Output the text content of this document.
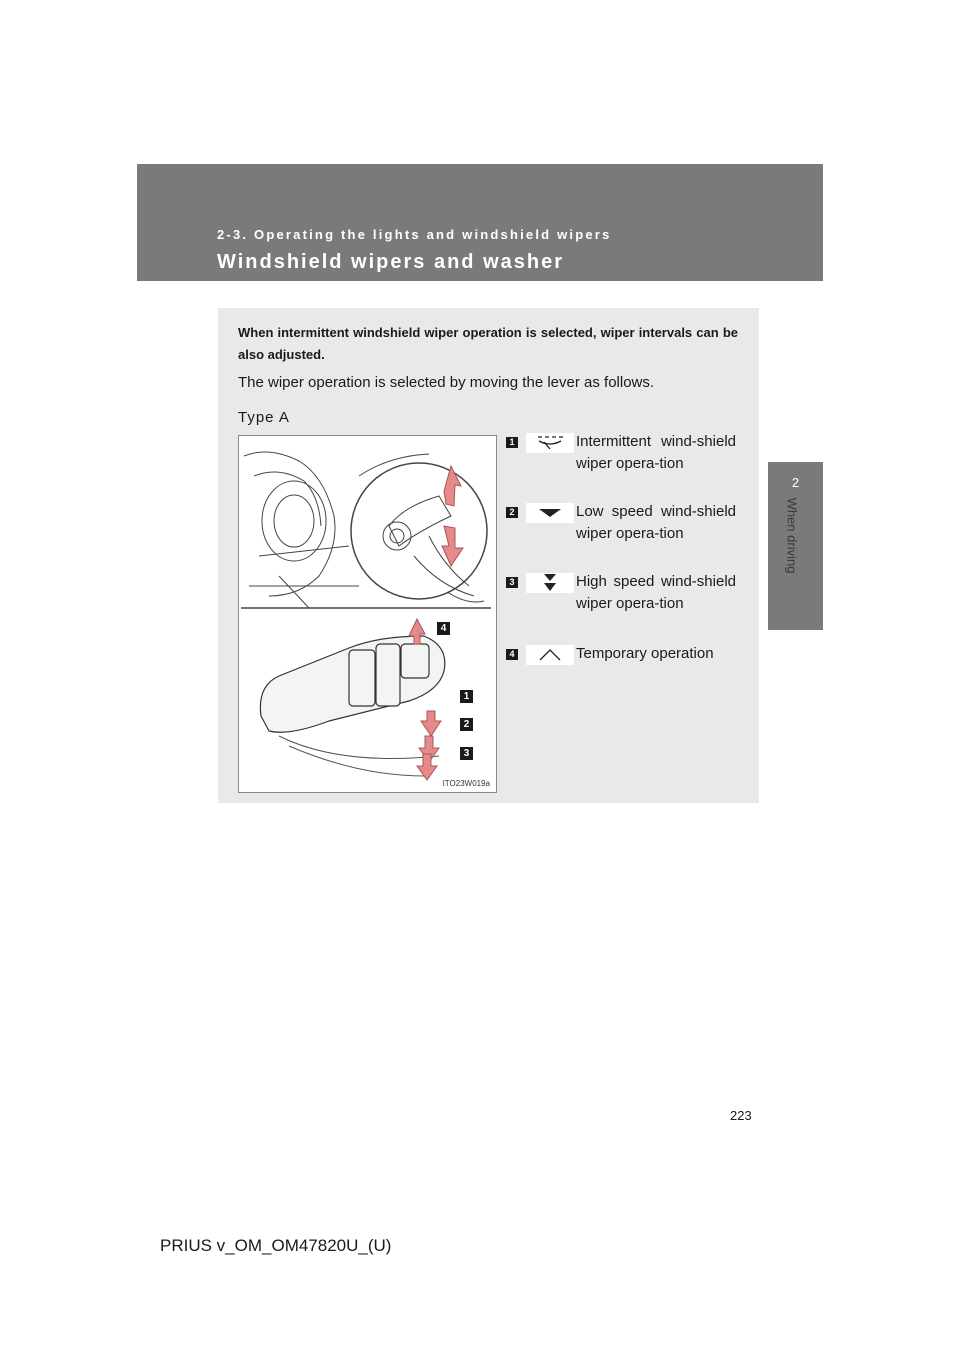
2-3. Operating the lights and windshield wipers
Windshield wipers and washer
2
When driving
When intermittent windshield wiper operation is selected, wiper intervals can be also adjusted.
The wiper operation is selected by moving the lever as follows.
Type A
4
1
2
3
ITO23W019a
1	Intermittent wind-shield wiper opera-tion
2	Low speed wind-shield wiper opera-tion
3	High speed wind-shield wiper opera-tion
4	Temporary operation
223
PRIUS v_OM_OM47820U_(U)
